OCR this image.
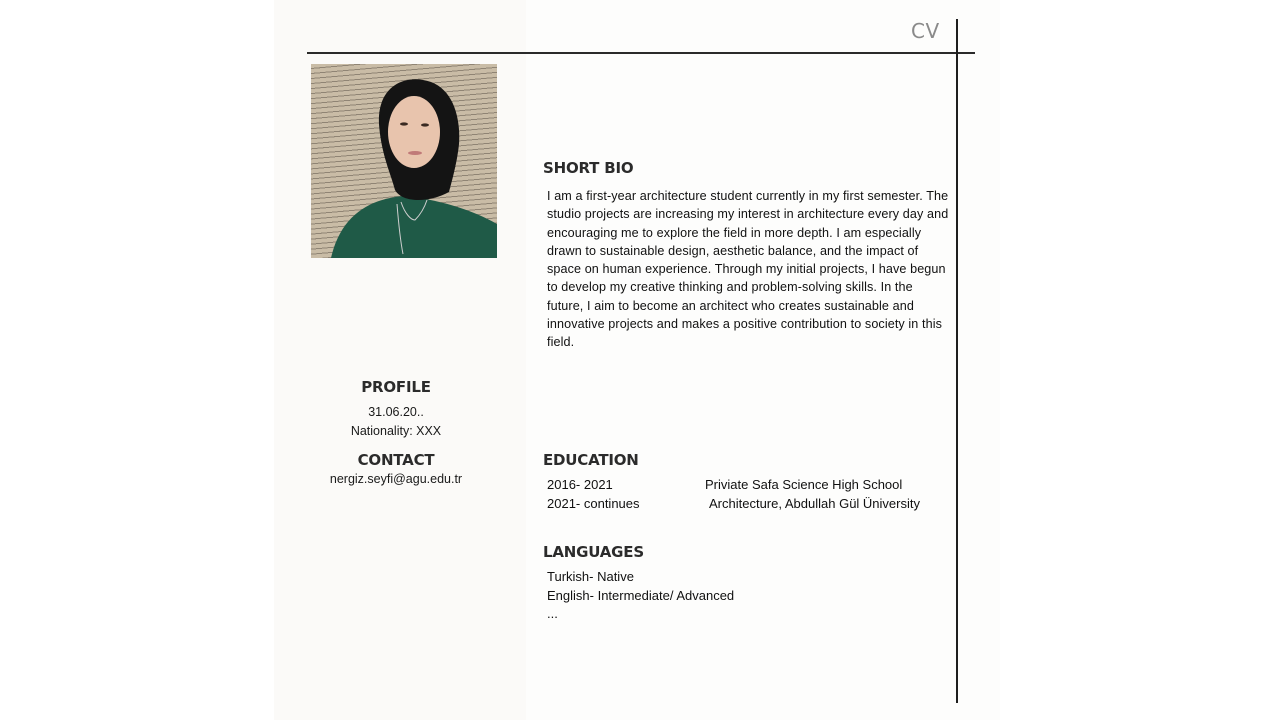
CV
PROFILE
31.06.20..
Nationality: XXX
CONTACT
nergiz.seyfi@agu.edu.tr
SHORT BIO
I am a first-year architecture student currently in my first semester. The studio projects are increasing my interest in architecture every day and encouraging me to explore the field in more depth. I am especially drawn to sustainable design, aesthetic balance, and the impact of space on human experience. Through my initial projects, I have begun to develop my creative thinking and problem-solving skills. In the future, I aim to become an architect who creates sustainable and innovative projects and makes a positive contribution to society in this field.
EDUCATION
2016- 2021	Priviate Safa Science High School
2021- continues	Architecture, Abdullah Gül Üniversity
LANGUAGES
Turkish- Native
English- Intermediate/ Advanced
...
